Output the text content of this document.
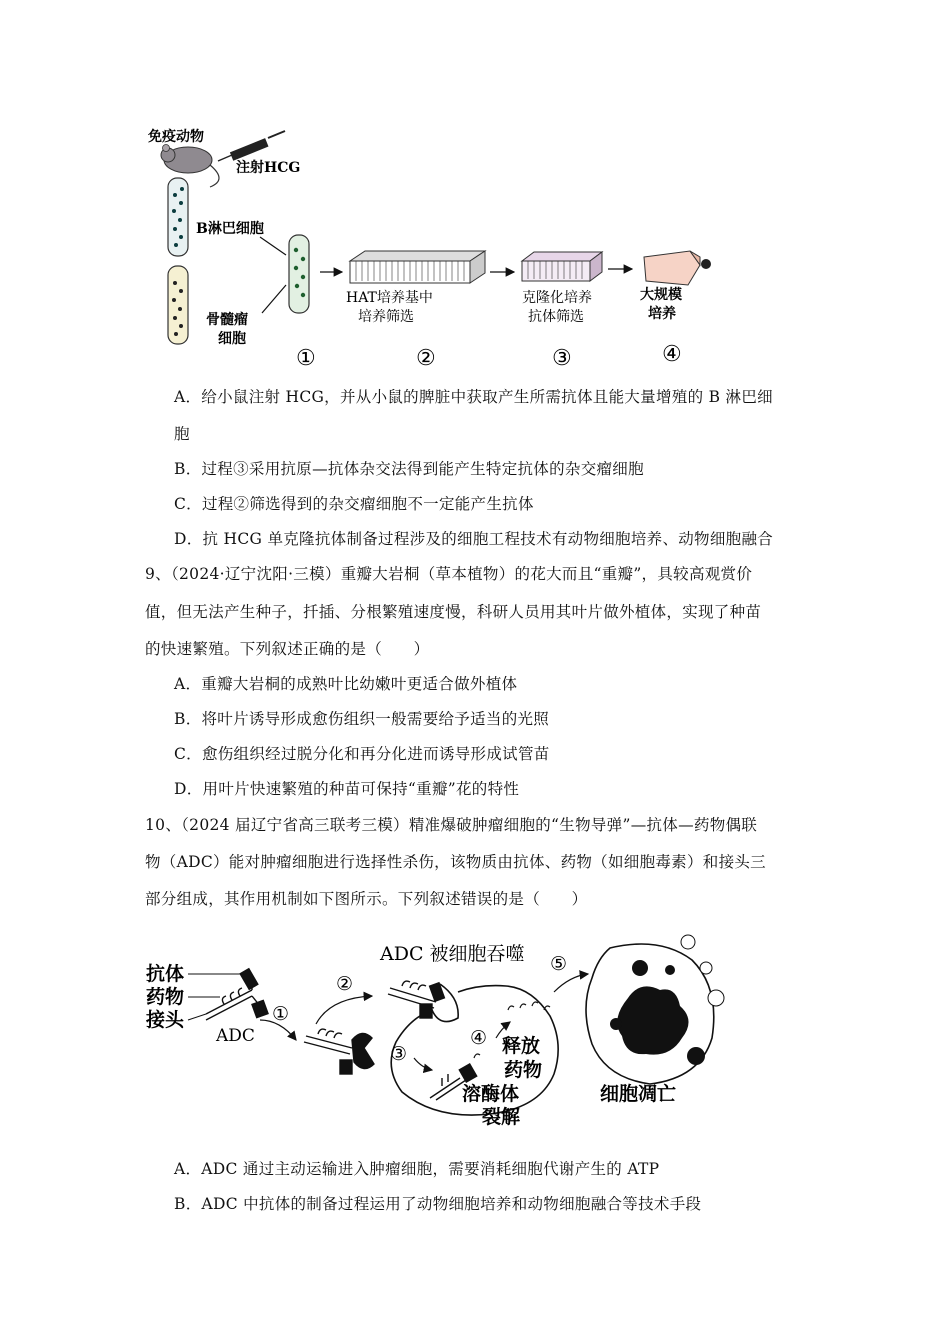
免疫动物
注射HCG
B淋巴细胞
骨髓瘤
细胞
HAT培养基中
培养筛选
克隆化培养
抗体筛选
大规模
培养
①	②	③	④
A．给小鼠注射 HCG，并从小鼠的脾脏中获取产生所需抗体且能大量增殖的 B 淋巴细
胞
B．过程③采用抗原—抗体杂交法得到能产生特定抗体的杂交瘤细胞
C．过程②筛选得到的杂交瘤细胞不一定能产生抗体
D．抗 HCG 单克隆抗体制备过程涉及的细胞工程技术有动物细胞培养、动物细胞融合
9、（2024·辽宁沈阳·三模）重瓣大岩桐（草本植物）的花大而且“重瓣”，具较高观赏价
值，但无法产生种子，扦插、分根繁殖速度慢，科研人员用其叶片做外植体，实现了种苗
的快速繁殖。下列叙述正确的是（　　）
A．重瓣大岩桐的成熟叶比幼嫩叶更适合做外植体
B．将叶片诱导形成愈伤组织一般需要给予适当的光照
C．愈伤组织经过脱分化和再分化进而诱导形成试管苗
D．用叶片快速繁殖的种苗可保持“重瓣”花的特性
10、（2024 届辽宁省高三联考三模）精准爆破肿瘤细胞的“生物导弹”—抗体—药物偶联
物（ADC）能对肿瘤细胞进行选择性杀伤，该物质由抗体、药物（如细胞毒素）和接头三
部分组成，其作用机制如下图所示。下列叙述错误的是（　　）
抗体
药物
接头
ADC
①
②
ADC 被细胞吞噬
③
④ 释放
药物
溶酶体
裂解
⑤
细胞凋亡
A．ADC 通过主动运输进入肿瘤细胞，需要消耗细胞代谢产生的 ATP
B．ADC 中抗体的制备过程运用了动物细胞培养和动物细胞融合等技术手段
